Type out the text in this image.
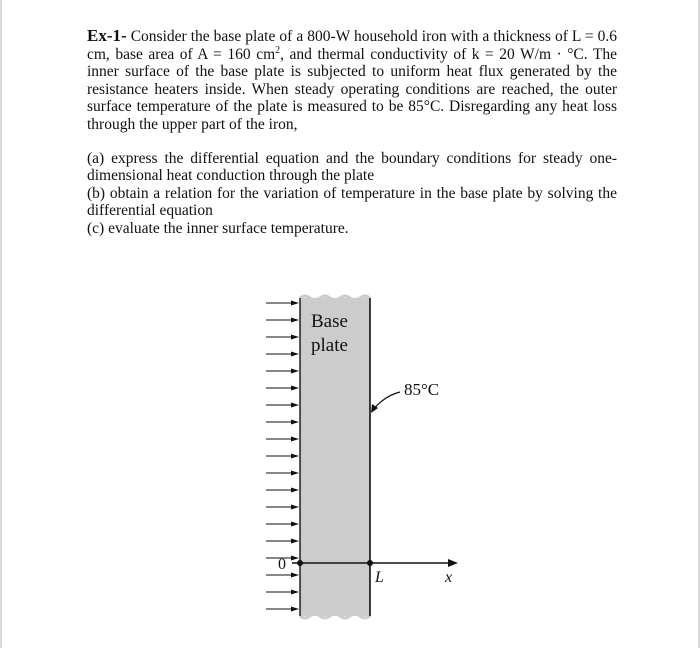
Ex-1- Consider the base plate of a 800-W household iron with a thickness of L = 0.6 cm, base area of A = 160 $cm^2$, and thermal conductivity of k = 20 W/m · °C. The inner surface of the base plate is subjected to uniform heat flux generated by the resistance heaters inside. When steady operating conditions are reached, the outer surface temperature of the plate is measured to be 85°C. Disregarding any heat loss through the upper part of the iron,
(a) express the differential equation and the boundary conditions for steady one-dimensional heat conduction through the plate
(b) obtain a relation for the variation of temperature in the base plate by solving the differential equation
(c) evaluate the inner surface temperature.
Base
plate
85°C
0
L	x
